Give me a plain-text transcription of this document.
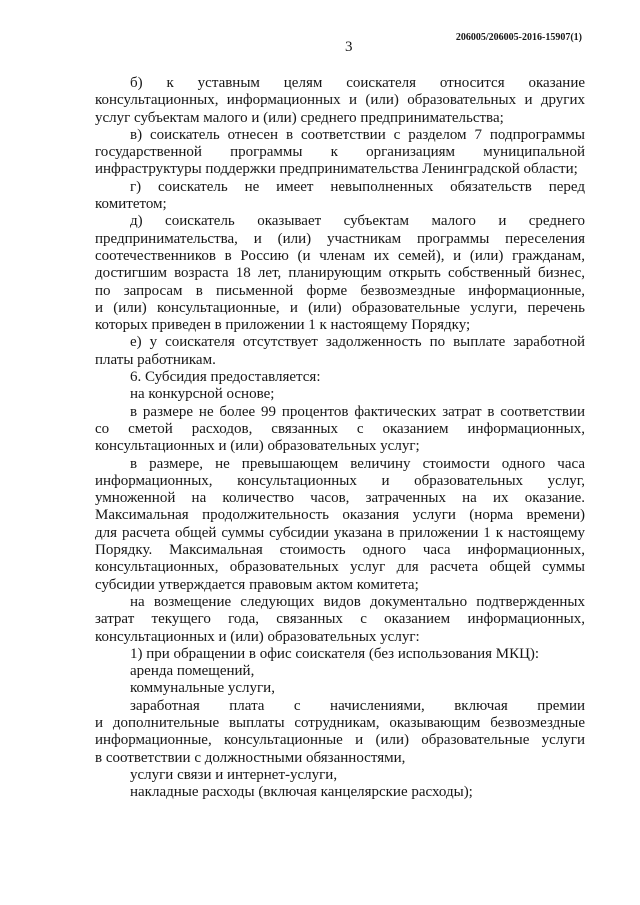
206005/206005-2016-15907(1)
3
б) к уставным целям соискателя относится оказание
консультационных, информационных и (или) образовательных и других
услуг субъектам малого и (или) среднего предпринимательства;
в) соискатель отнесен в соответствии с разделом 7 подпрограммы
государственной программы к организациям муниципальной
инфраструктуры поддержки предпринимательства Ленинградской области;
г) соискатель не имеет невыполненных обязательств перед
комитетом;
д) соискатель оказывает субъектам малого и среднего
предпринимательства, и (или) участникам программы переселения
соотечественников в Россию (и членам их семей), и (или) гражданам,
достигшим возраста 18 лет, планирующим открыть собственный бизнес,
по запросам в письменной форме безвозмездные информационные,
и (или) консультационные, и (или) образовательные услуги, перечень
которых приведен в приложении 1 к настоящему Порядку;
е) у соискателя отсутствует задолженность по выплате заработной
платы работникам.
6. Субсидия предоставляется:
на конкурсной основе;
в размере не более 99 процентов фактических затрат в соответствии
со сметой расходов, связанных с оказанием информационных,
консультационных и (или) образовательных услуг;
в размере, не превышающем величину стоимости одного часа
информационных, консультационных и образовательных услуг,
умноженной на количество часов, затраченных на их оказание.
Максимальная продолжительность оказания услуги (норма времени)
для расчета общей суммы субсидии указана в приложении 1 к настоящему
Порядку. Максимальная стоимость одного часа информационных,
консультационных, образовательных услуг для расчета общей суммы
субсидии утверждается правовым актом комитета;
на возмещение следующих видов документально подтвержденных
затрат текущего года, связанных с оказанием информационных,
консультационных и (или) образовательных услуг:
1) при обращении в офис соискателя (без использования МКЦ):
аренда помещений,
коммунальные услуги,
заработная плата с начислениями, включая премии
и дополнительные выплаты сотрудникам, оказывающим безвозмездные
информационные, консультационные и (или) образовательные услуги
в соответствии с должностными обязанностями,
услуги связи и интернет-услуги,
накладные расходы (включая канцелярские расходы);
